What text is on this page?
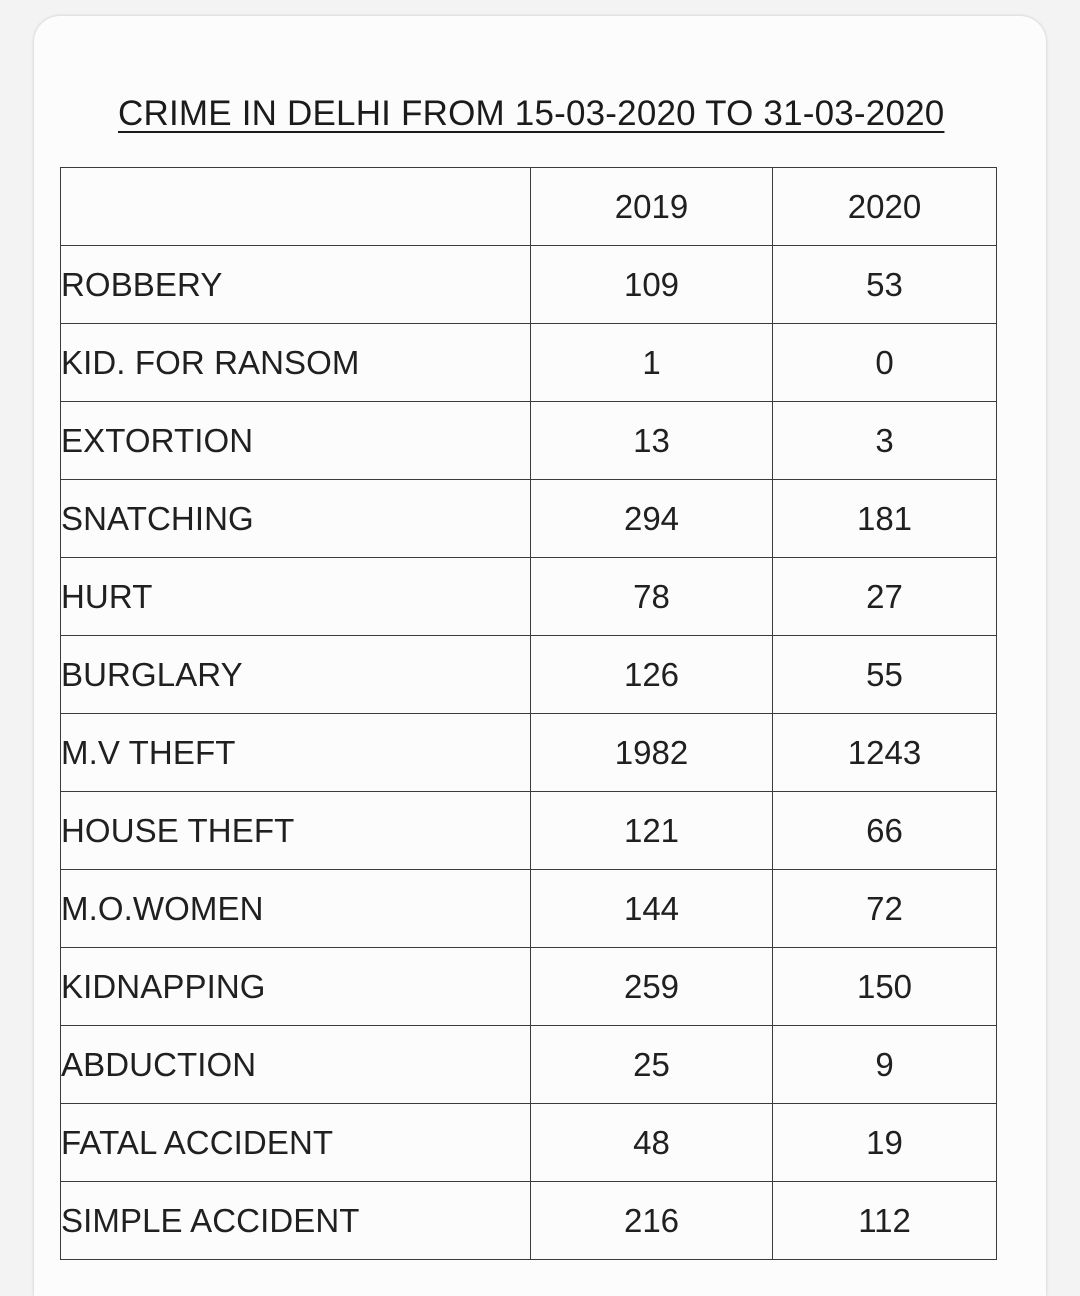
CRIME IN DELHI FROM 15-03-2020 TO 31-03-2020
	2019	2020
ROBBERY	109	53
KID. FOR RANSOM	1	0
EXTORTION	13	3
SNATCHING	294	181
HURT	78	27
BURGLARY	126	55
M.V THEFT	1982	1243
HOUSE THEFT	121	66
M.O.WOMEN	144	72
KIDNAPPING	259	150
ABDUCTION	25	9
FATAL ACCIDENT	48	19
SIMPLE ACCIDENT	216	112
